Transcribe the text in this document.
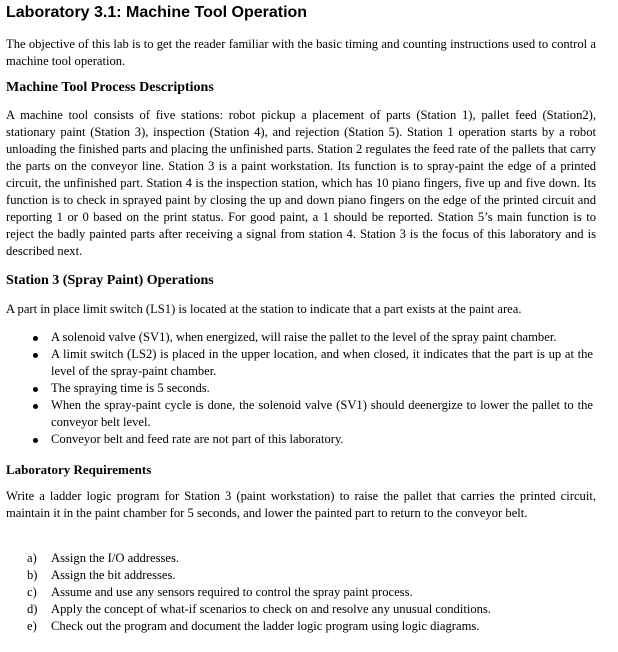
Laboratory 3.1: Machine Tool Operation
The objective of this lab is to get the reader familiar with the basic timing and counting instructions used to control a machine tool operation.
Machine Tool Process Descriptions
A machine tool consists of five stations: robot pickup a placement of parts (Station 1), pallet feed (Station2), stationary paint (Station 3), inspection (Station 4), and rejection (Station 5). Station 1 operation starts by a robot unloading the finished parts and placing the unfinished parts. Station 2 regulates the feed rate of the pallets that carry the parts on the conveyor line. Station 3 is a paint workstation. Its function is to spray-paint the edge of a printed circuit, the unfinished part. Station 4 is the inspection station, which has 10 piano fingers, five up and five down. Its function is to check in sprayed paint by closing the up and down piano fingers on the edge of the printed circuit and reporting 1 or 0 based on the print status. For good paint, a 1 should be reported. Station 5’s main function is to reject the badly painted parts after receiving a signal from station 4. Station 3 is the focus of this laboratory and is described next.
Station 3 (Spray Paint) Operations
A part in place limit switch (LS1) is located at the station to indicate that a part exists at the paint area.
A solenoid valve (SV1), when energized, will raise the pallet to the level of the spray paint chamber.
A limit switch (LS2) is placed in the upper location, and when closed, it indicates that the part is up at the level of the spray-paint chamber.
The spraying time is 5 seconds.
When the spray-paint cycle is done, the solenoid valve (SV1) should deenergize to lower the pallet to the conveyor belt level.
Conveyor belt and feed rate are not part of this laboratory.
Laboratory Requirements
Write a ladder logic program for Station 3 (paint workstation) to raise the pallet that carries the printed circuit, maintain it in the paint chamber for 5 seconds, and lower the painted part to return to the conveyor belt.
a) Assign the I/O addresses.
b) Assign the bit addresses.
c) Assume and use any sensors required to control the spray paint process.
d) Apply the concept of what-if scenarios to check on and resolve any unusual conditions.
e) Check out the program and document the ladder logic program using logic diagrams.
